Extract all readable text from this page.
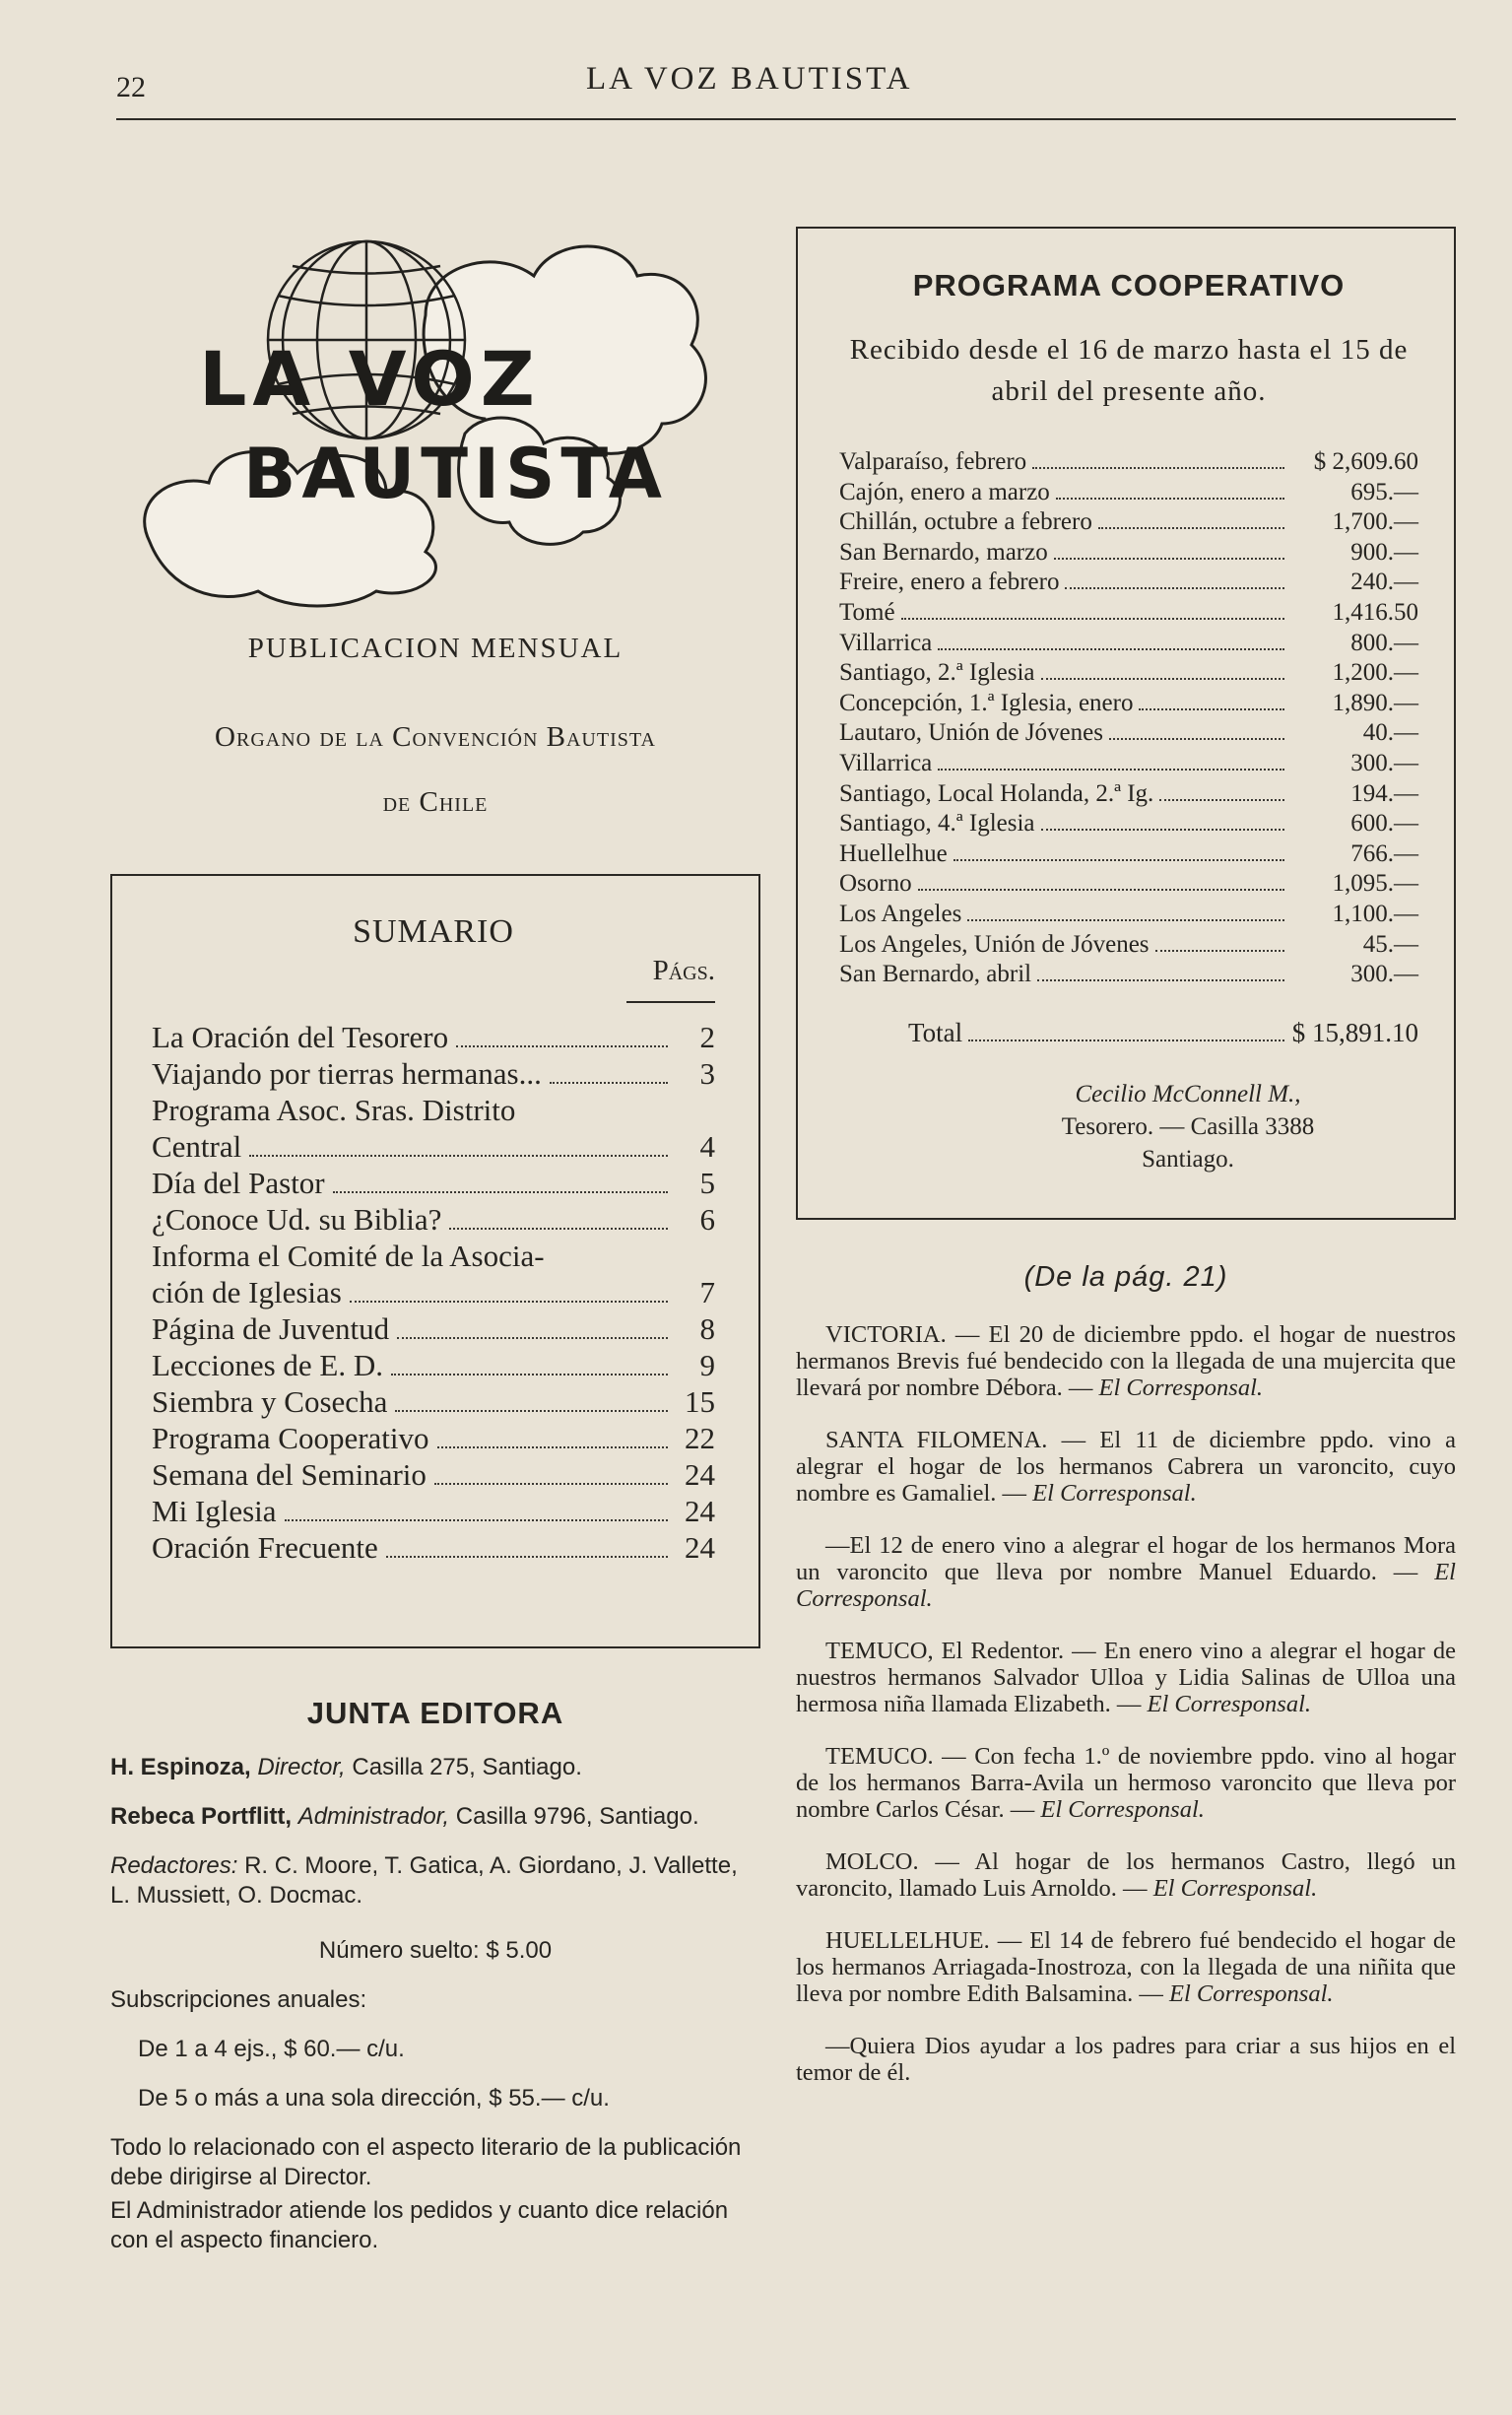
22	LA VOZ BAUTISTA
LA VOZ
BAUTISTA
PUBLICACION MENSUAL
Organo de la Convención Bautista
de Chile
SUMARIO
Págs.
La Oración del Tesorero	2
Viajando por tierras hermanas...	3
Programa Asoc. Sras. Distrito
Central	4
Día del Pastor	5
¿Conoce Ud. su Biblia?	6
Informa el Comité de la Asocia-
ción de Iglesias	7
Página de Juventud	8
Lecciones de E. D.	9
Siembra y Cosecha	15
Programa Cooperativo	22
Semana del Seminario	24
Mi Iglesia	24
Oración Frecuente	24
JUNTA EDITORA

H. Espinoza, Director, Casilla 275, Santiago.

Rebeca Portflitt, Administrador, Casilla 9796, Santiago.

Redactores: R. C. Moore, T. Gatica, A. Giordano, J. Vallette, L. Mussiett, O. Docmac.

Número suelto: $ 5.00

Subscripciones anuales:

De 1 a 4 ejs., $ 60.— c/u.

De 5 o más a una sola dirección, $ 55.— c/u.

Todo lo relacionado con el aspecto literario de la publicación debe dirigirse al Director.

El Administrador atiende los pedidos y cuanto dice relación con el aspecto financiero.

PROGRAMA COOPERATIVO
Recibido desde el 16 de marzo hasta el 15 de abril del presente año.
Valparaíso, febrero	$ 2,609.60
Cajón, enero a marzo	695.—
Chillán, octubre a febrero	1,700.—
San Bernardo, marzo	900.—
Freire, enero a febrero	240.—
Tomé	1,416.50
Villarrica	800.—
Santiago, 2.ª Iglesia	1,200.—
Concepción, 1.ª Iglesia, enero	1,890.—
Lautaro, Unión de Jóvenes	40.—
Villarrica	300.—
Santiago, Local Holanda, 2.ª Ig.	194.—
Santiago, 4.ª Iglesia	600.—
Huellelhue	766.—
Osorno	1,095.—
Los Angeles	1,100.—
Los Angeles, Unión de Jóvenes	45.—
San Bernardo, abril	300.—
Total	$ 15,891.10
Cecilio McConnell M.,
Tesorero. — Casilla 3388
Santiago.
(De la pág. 21)

VICTORIA. — El 20 de diciembre ppdo. el hogar de nuestros hermanos Brevis fué bendecido con la llegada de una mujercita que llevará por nombre Débora. — El Corresponsal.

SANTA FILOMENA. — El 11 de diciembre ppdo. vino a alegrar el hogar de los hermanos Cabrera un varoncito, cuyo nombre es Gamaliel. — El Corresponsal.

—El 12 de enero vino a alegrar el hogar de los hermanos Mora un varoncito que lleva por nombre Manuel Eduardo. — El Corresponsal.

TEMUCO, El Redentor. — En enero vino a alegrar el hogar de nuestros hermanos Salvador Ulloa y Lidia Salinas de Ulloa una hermosa niña llamada Elizabeth. — El Corresponsal.

TEMUCO. — Con fecha 1.º de noviembre ppdo. vino al hogar de los hermanos Barra-Avila un hermoso varoncito que lleva por nombre Carlos César. — El Corresponsal.

MOLCO. — Al hogar de los hermanos Castro, llegó un varoncito, llamado Luis Arnoldo. — El Corresponsal.

HUELLELHUE. — El 14 de febrero fué bendecido el hogar de los hermanos Arriagada-Inostroza, con la llegada de una niñita que lleva por nombre Edith Balsamina. — El Corresponsal.

—Quiera Dios ayudar a los padres para criar a sus hijos en el temor de él.
